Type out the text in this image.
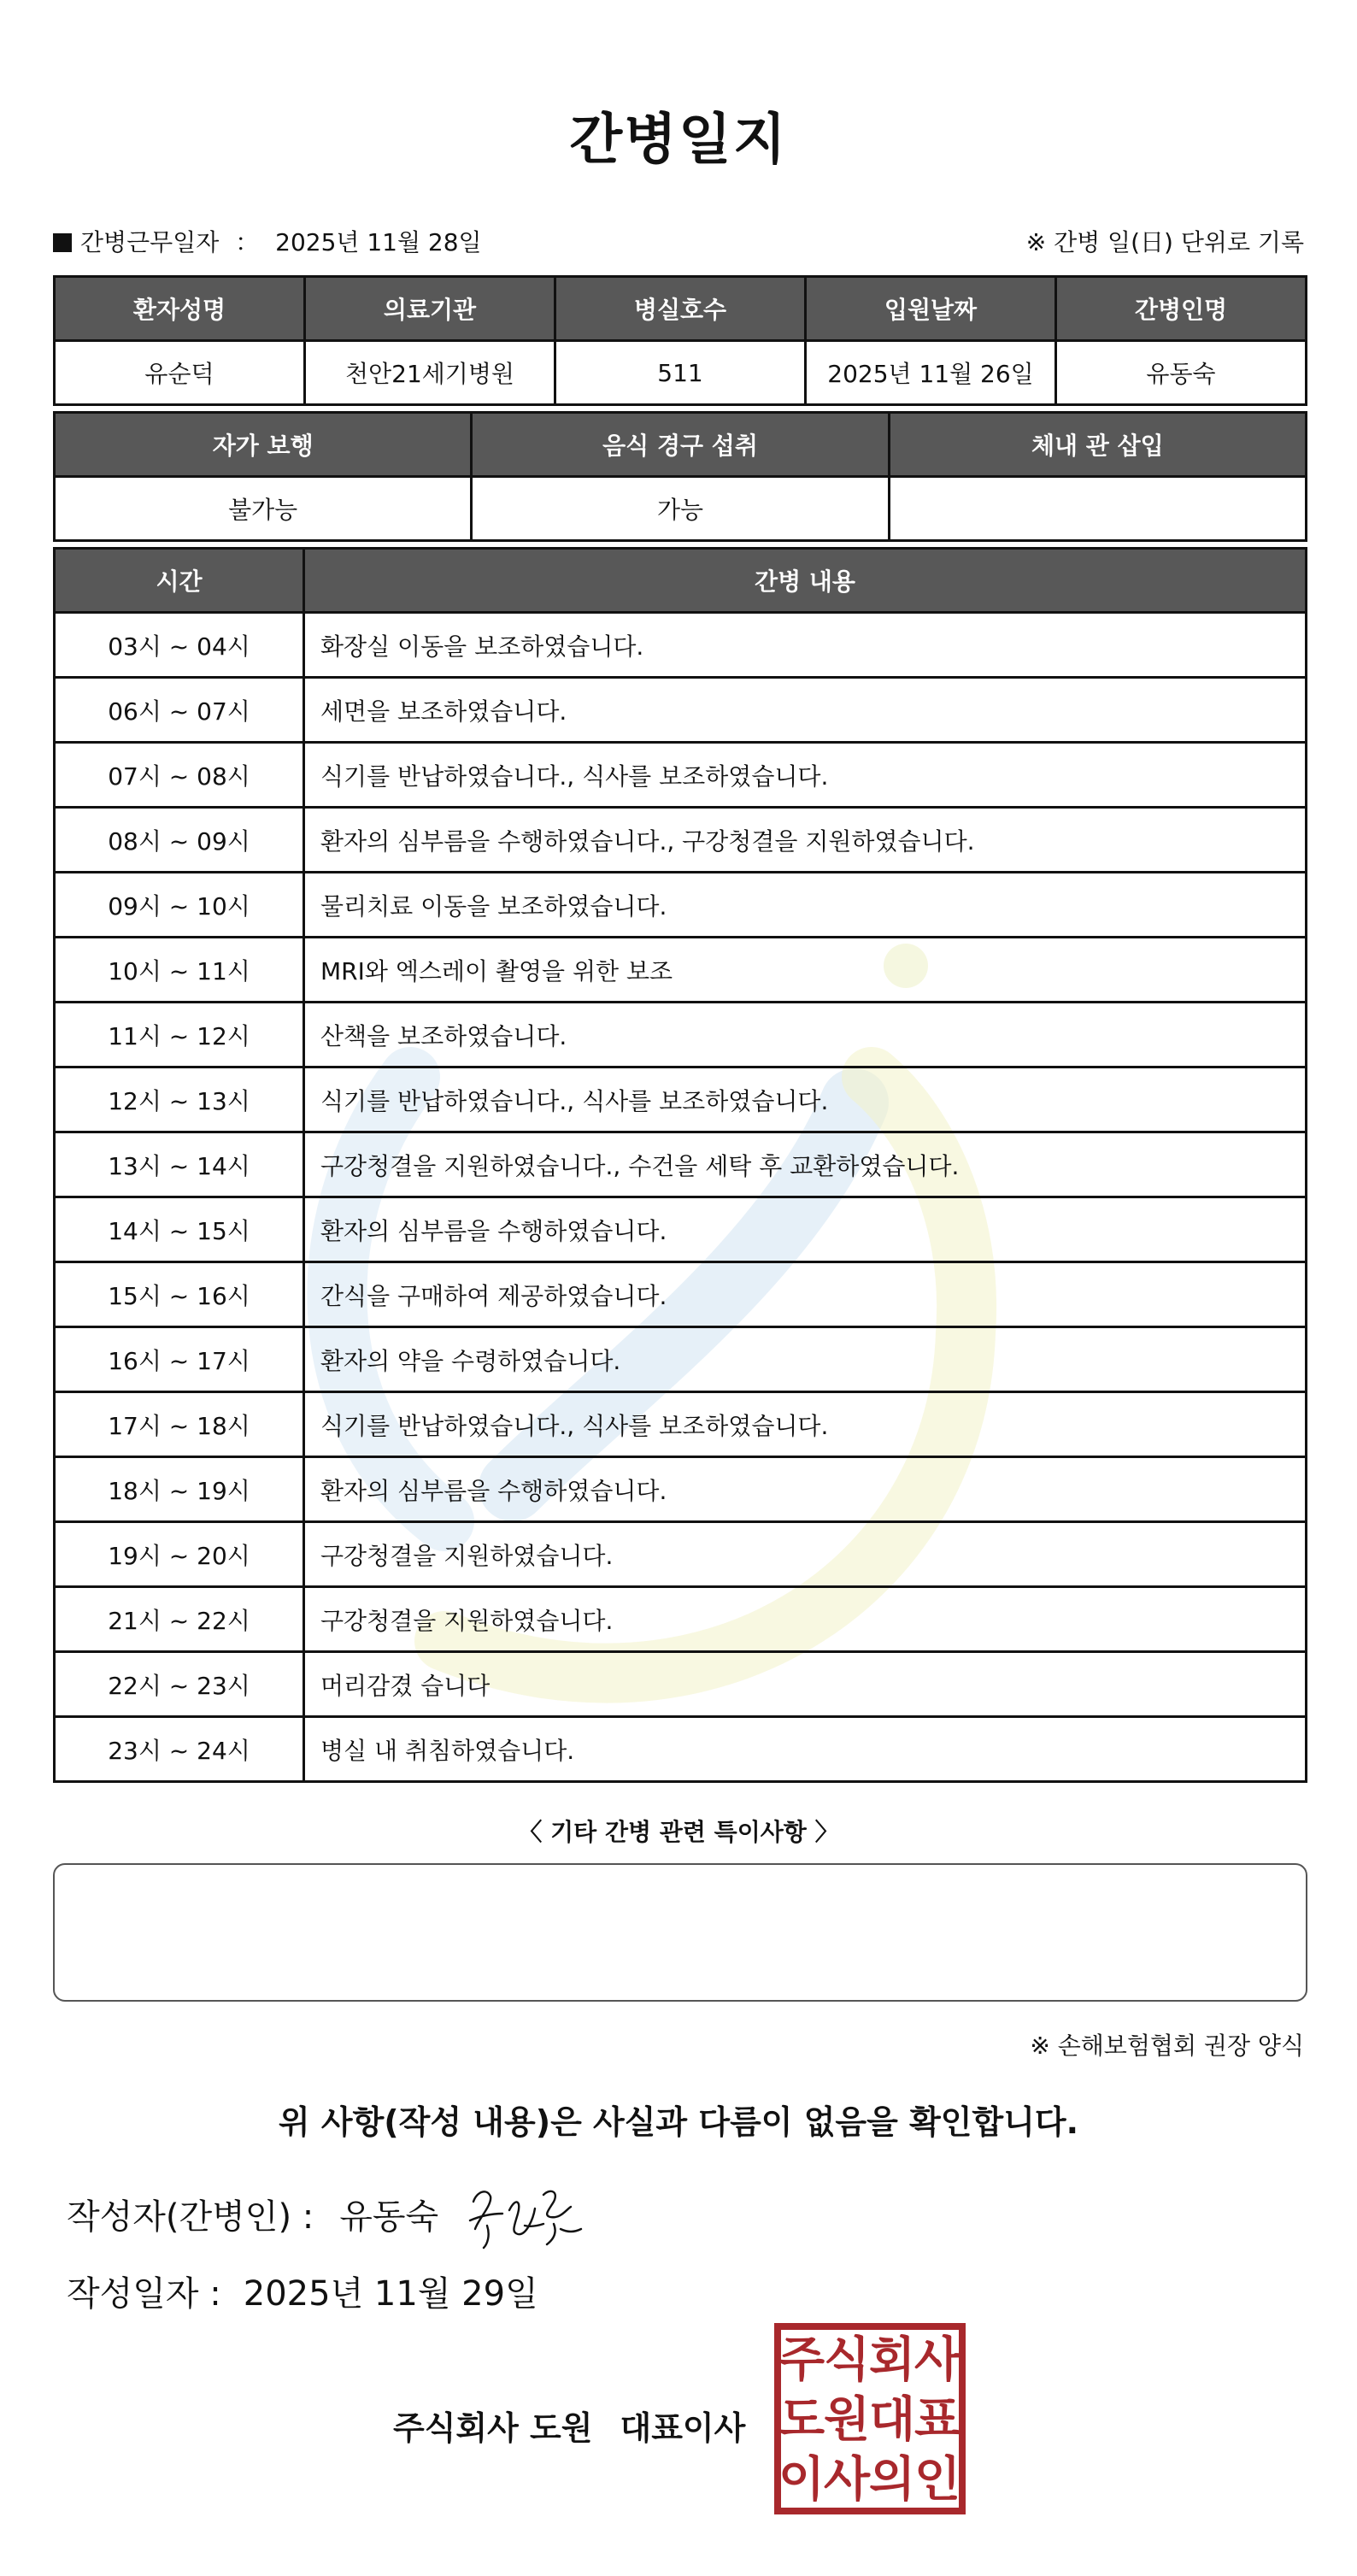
간병일지
간병근무일자 ： 2025년 11월 28일	※ 간병 일(日) 단위로 기록
환자성명	의료기관	병실호수	입원날짜	간병인명
유순덕	천안21세기병원	511	2025년 11월 26일	유동숙
자가 보행	음식 경구 섭취	체내 관 삽입
불가능	가능	
시간	간병 내용
03시 ~ 04시	화장실 이동을 보조하였습니다.
06시 ~ 07시	세면을 보조하였습니다.
07시 ~ 08시	식기를 반납하였습니다., 식사를 보조하였습니다.
08시 ~ 09시	환자의 심부름을 수행하였습니다., 구강청결을 지원하였습니다.
09시 ~ 10시	물리치료 이동을 보조하였습니다.
10시 ~ 11시	MRI와 엑스레이 촬영을 위한 보조
11시 ~ 12시	산책을 보조하였습니다.
12시 ~ 13시	식기를 반납하였습니다., 식사를 보조하였습니다.
13시 ~ 14시	구강청결을 지원하였습니다., 수건을 세탁 후 교환하였습니다.
14시 ~ 15시	환자의 심부름을 수행하였습니다.
15시 ~ 16시	간식을 구매하여 제공하였습니다.
16시 ~ 17시	환자의 약을 수령하였습니다.
17시 ~ 18시	식기를 반납하였습니다., 식사를 보조하였습니다.
18시 ~ 19시	환자의 심부름을 수행하였습니다.
19시 ~ 20시	구강청결을 지원하였습니다.
21시 ~ 22시	구강청결을 지원하였습니다.
22시 ~ 23시	머리감겼 습니다
23시 ~ 24시	병실 내 취침하였습니다.
〈 기타 간병 관련 특이사항 〉
※ 손해보험협회 권장 양식
위 사항(작성 내용)은 사실과 다름이 없음을 확인합니다.
작성자(간병인) : 유동숙
작성일자 : 2025년 11월 29일
주식회사 도원 대표이사
주
식
회
사
도
원
대
표
이
사
의
인
